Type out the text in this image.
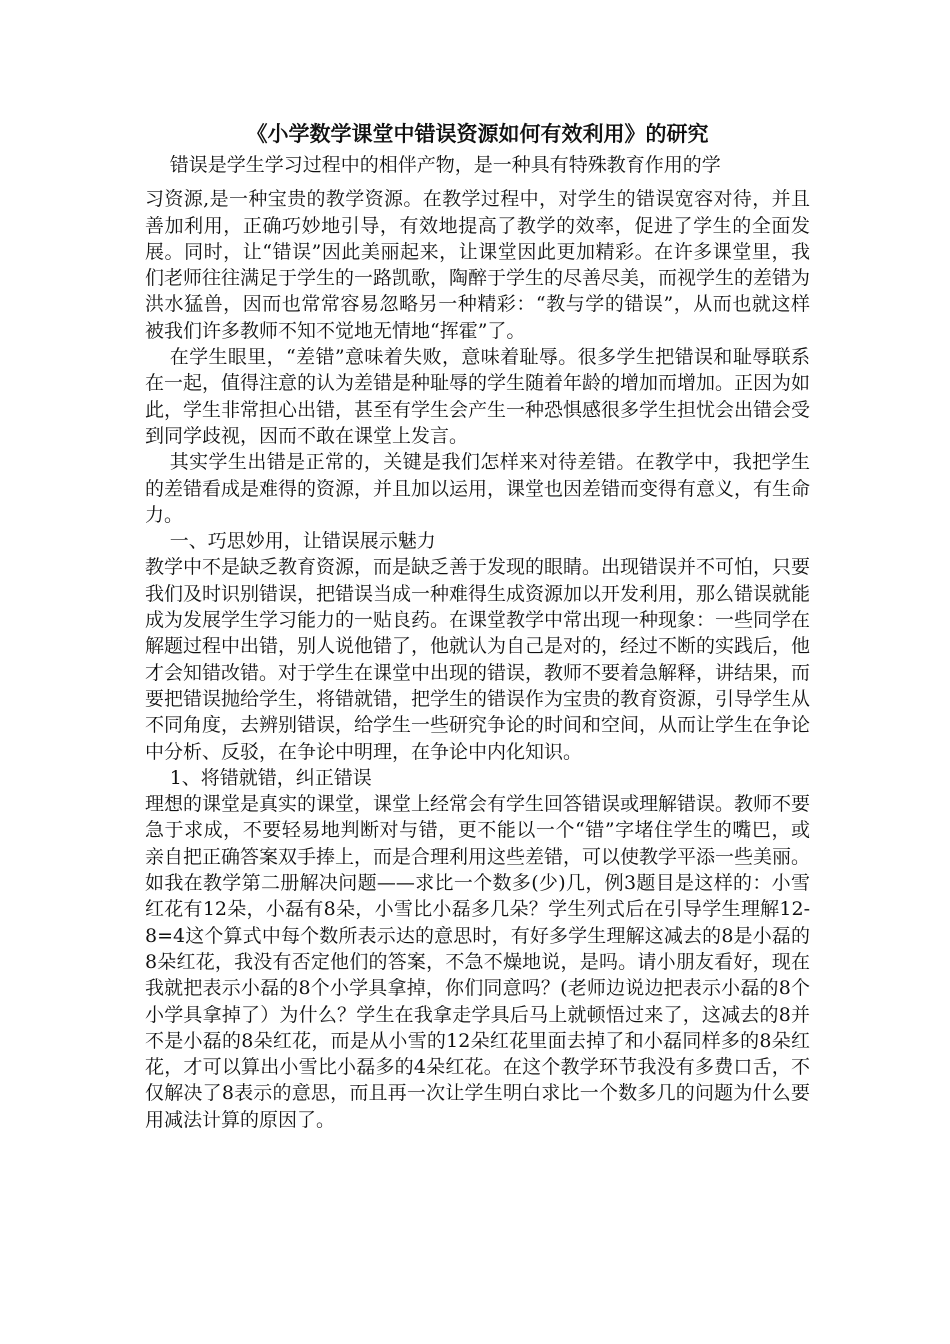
《小学数学课堂中错误资源如何有效利用》的研究

错误是学生学习过程中的相伴产物，是一种具有特殊教育作用的学

习资源,是一种宝贵的教学资源。在教学过程中，对学生的错误宽容对待，并且善加利用，正确巧妙地引导，有效地提高了教学的效率，促进了学生的全面发展。同时，让“错误”因此美丽起来，让课堂因此更加精彩。在许多课堂里，我们老师往往满足于学生的一路凯歌，陶醉于学生的尽善尽美，而视学生的差错为洪水猛兽，因而也常常容易忽略另一种精彩：“教与学的错误”，从而也就这样被我们许多教师不知不觉地无情地“挥霍”了。

在学生眼里，“差错”意味着失败，意味着耻辱。很多学生把错误和耻辱联系在一起，值得注意的认为差错是种耻辱的学生随着年龄的增加而增加。正因为如此，学生非常担心出错，甚至有学生会产生一种恐惧感很多学生担忧会出错会受到同学歧视，因而不敢在课堂上发言。

其实学生出错是正常的，关键是我们怎样来对待差错。在教学中，我把学生的差错看成是难得的资源，并且加以运用，课堂也因差错而变得有意义，有生命力。

一、巧思妙用，让错误展示魅力

教学中不是缺乏教育资源，而是缺乏善于发现的眼睛。出现错误并不可怕，只要我们及时识别错误，把错误当成一种难得生成资源加以开发利用，那么错误就能成为发展学生学习能力的一贴良药。在课堂教学中常出现一种现象：一些同学在解题过程中出错，别人说他错了，他就认为自己是对的，经过不断的实践后，他才会知错改错。对于学生在课堂中出现的错误，教师不要着急解释，讲结果，而要把错误抛给学生，将错就错，把学生的错误作为宝贵的教育资源，引导学生从不同角度，去辨别错误，给学生一些研究争论的时间和空间，从而让学生在争论中分析、反驳，在争论中明理，在争论中内化知识。

1、将错就错，纠正错误

理想的课堂是真实的课堂，课堂上经常会有学生回答错误或理解错误。教师不要急于求成，不要轻易地判断对与错，更不能以一个“错”字堵住学生的嘴巴，或亲自把正确答案双手捧上，而是合理利用这些差错，可以使教学平添一些美丽。

如我在教学第二册解决问题——求比一个数多(少)几，例3题目是这样的：小雪红花有12朵，小磊有8朵，小雪比小磊多几朵？学生列式后在引导学生理解12-8=4这个算式中每个数所表示达的意思时，有好多学生理解这减去的8是小磊的8朵红花，我没有否定他们的答案，不急不燥地说，是吗。请小朋友看好，现在我就把表示小磊的8个小学具拿掉，你们同意吗？(老师边说边把表示小磊的8个小学具拿掉了）为什么？学生在我拿走学具后马上就顿悟过来了，这减去的8并不是小磊的8朵红花，而是从小雪的12朵红花里面去掉了和小磊同样多的8朵红花，才可以算出小雪比小磊多的4朵红花。在这个教学环节我没有多费口舌，不仅解决了8表示的意思，而且再一次让学生明白求比一个数多几的问题为什么要用减法计算的原因了。
